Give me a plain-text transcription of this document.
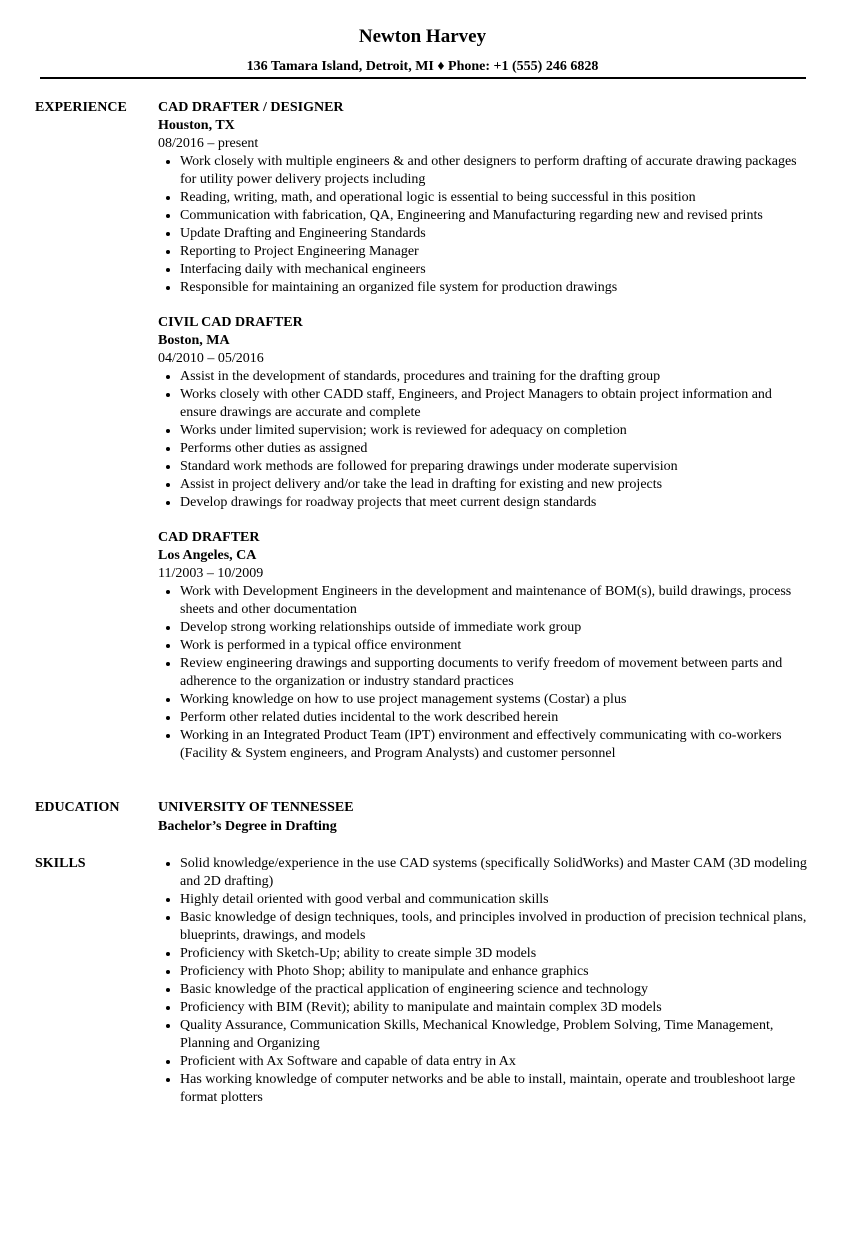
Newton Harvey
136 Tamara Island, Detroit, MI ♦ Phone: +1 (555) 246 6828
EXPERIENCE	CAD DRAFTER / DESIGNER
Houston, TX
08/2016 – present
• Work closely with multiple engineers & and other designers to perform drafting of accurate drawing packages for utility power delivery projects including
• Reading, writing, math, and operational logic is essential to being successful in this position
• Communication with fabrication, QA, Engineering and Manufacturing regarding new and revised prints
• Update Drafting and Engineering Standards
• Reporting to Project Engineering Manager
• Interfacing daily with mechanical engineers
• Responsible for maintaining an organized file system for production drawings
CIVIL CAD DRAFTER
Boston, MA
04/2010 – 05/2016
• Assist in the development of standards, procedures and training for the drafting group
• Works closely with other CADD staff, Engineers, and Project Managers to obtain project information and ensure drawings are accurate and complete
• Works under limited supervision; work is reviewed for adequacy on completion
• Performs other duties as assigned
• Standard work methods are followed for preparing drawings under moderate supervision
• Assist in project delivery and/or take the lead in drafting for existing and new projects
• Develop drawings for roadway projects that meet current design standards
CAD DRAFTER
Los Angeles, CA
11/2003 – 10/2009
• Work with Development Engineers in the development and maintenance of BOM(s), build drawings, process sheets and other documentation
• Develop strong working relationships outside of immediate work group
• Work is performed in a typical office environment
• Review engineering drawings and supporting documents to verify freedom of movement between parts and adherence to the organization or industry standard practices
• Working knowledge on how to use project management systems (Costar) a plus
• Perform other related duties incidental to the work described herein
• Working in an Integrated Product Team (IPT) environment and effectively communicating with co-workers (Facility & System engineers, and Program Analysts) and customer personnel
EDUCATION	UNIVERSITY OF TENNESSEE
Bachelor’s Degree in Drafting
SKILLS
•	Solid knowledge/experience in the use CAD systems (specifically SolidWorks) and Master CAM (3D modeling and 2D drafting)
• Highly detail oriented with good verbal and communication skills
• Basic knowledge of design techniques, tools, and principles involved in production of precision technical plans, blueprints, drawings, and models
• Proficiency with Sketch-Up; ability to create simple 3D models
• Proficiency with Photo Shop; ability to manipulate and enhance graphics
• Basic knowledge of the practical application of engineering science and technology
• Proficiency with BIM (Revit); ability to manipulate and maintain complex 3D models
• Quality Assurance, Communication Skills, Mechanical Knowledge, Problem Solving, Time Management, Planning and Organizing
• Proficient with Ax Software and capable of data entry in Ax
• Has working knowledge of computer networks and be able to install, maintain, operate and troubleshoot large format plotters
